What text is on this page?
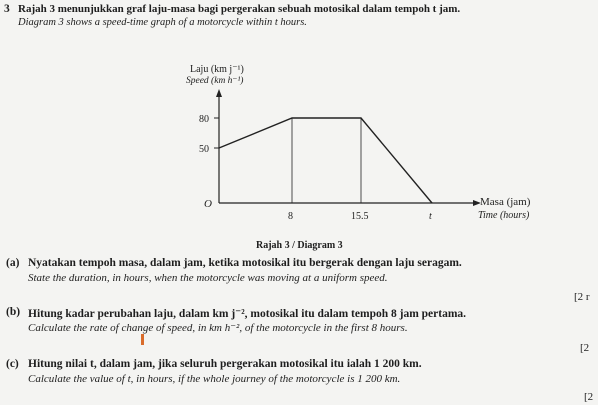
3 Rajah 3 menunjukkan graf laju-masa bagi pergerakan sebuah motosikal dalam tempoh t jam.
Diagram 3 shows a speed-time graph of a motorcycle within t hours.
Laju (km j⁻¹)
Speed (km h⁻¹)
O
80
50
8	15.5	t
Masa (jam)
Time (hours)
Rajah 3 / Diagram 3
(a) Nyatakan tempoh masa, dalam jam, ketika motosikal itu bergerak dengan laju seragam.
State the duration, in hours, when the motorcycle was moving at a uniform speed.
[2 r
(b) Hitung kadar perubahan laju, dalam km j⁻², motosikal itu dalam tempoh 8 jam pertama.
Calculate the rate of change of speed, in km h⁻², of the motorcycle in the first 8 hours.
[2
(c) Hitung nilai t, dalam jam, jika seluruh pergerakan motosikal itu ialah 1 200 km.
Calculate the value of t, in hours, if the whole journey of the motorcycle is 1 200 km.
[2
